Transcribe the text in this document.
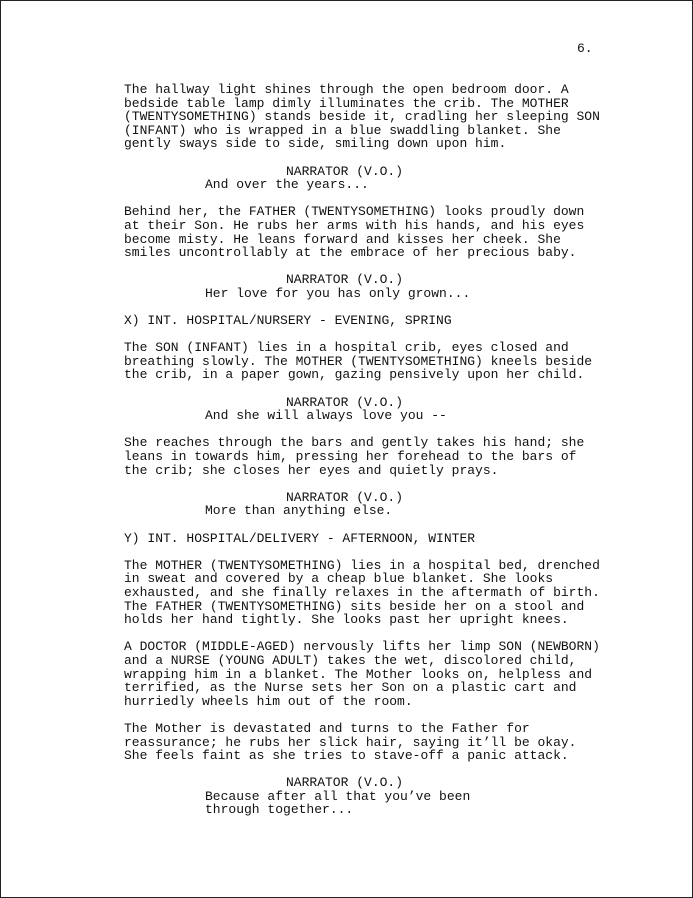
6.

The hallway light shines through the open bedroom door. A
bedside table lamp dimly illuminates the crib. The MOTHER
(TWENTYSOMETHING) stands beside it, cradling her sleeping SON
(INFANT) who is wrapped in a blue swaddling blanket. She
gently sways side to side, smiling down upon him.

NARRATOR (V.O.)

And over the years...

Behind her, the FATHER (TWENTYSOMETHING) looks proudly down
at their Son. He rubs her arms with his hands, and his eyes
become misty. He leans forward and kisses her cheek. She
smiles uncontrollably at the embrace of her precious baby.

NARRATOR (V.O.)

Her love for you has only grown...

X) INT. HOSPITAL/NURSERY - EVENING, SPRING

The SON (INFANT) lies in a hospital crib, eyes closed and
breathing slowly. The MOTHER (TWENTYSOMETHING) kneels beside
the crib, in a paper gown, gazing pensively upon her child.

NARRATOR (V.O.)

And she will always love you --

She reaches through the bars and gently takes his hand; she
leans in towards him, pressing her forehead to the bars of
the crib; she closes her eyes and quietly prays.

NARRATOR (V.O.)

More than anything else.

Y) INT. HOSPITAL/DELIVERY - AFTERNOON, WINTER

The MOTHER (TWENTYSOMETHING) lies in a hospital bed, drenched
in sweat and covered by a cheap blue blanket. She looks
exhausted, and she finally relaxes in the aftermath of birth.
The FATHER (TWENTYSOMETHING) sits beside her on a stool and
holds her hand tightly. She looks past her upright knees.

A DOCTOR (MIDDLE-AGED) nervously lifts her limp SON (NEWBORN)
and a NURSE (YOUNG ADULT) takes the wet, discolored child,
wrapping him in a blanket. The Mother looks on, helpless and
terrified, as the Nurse sets her Son on a plastic cart and
hurriedly wheels him out of the room.

The Mother is devastated and turns to the Father for
reassurance; he rubs her slick hair, saying it’ll be okay.
She feels faint as she tries to stave-off a panic attack.

NARRATOR (V.O.)

Because after all that you’ve been
through together...
